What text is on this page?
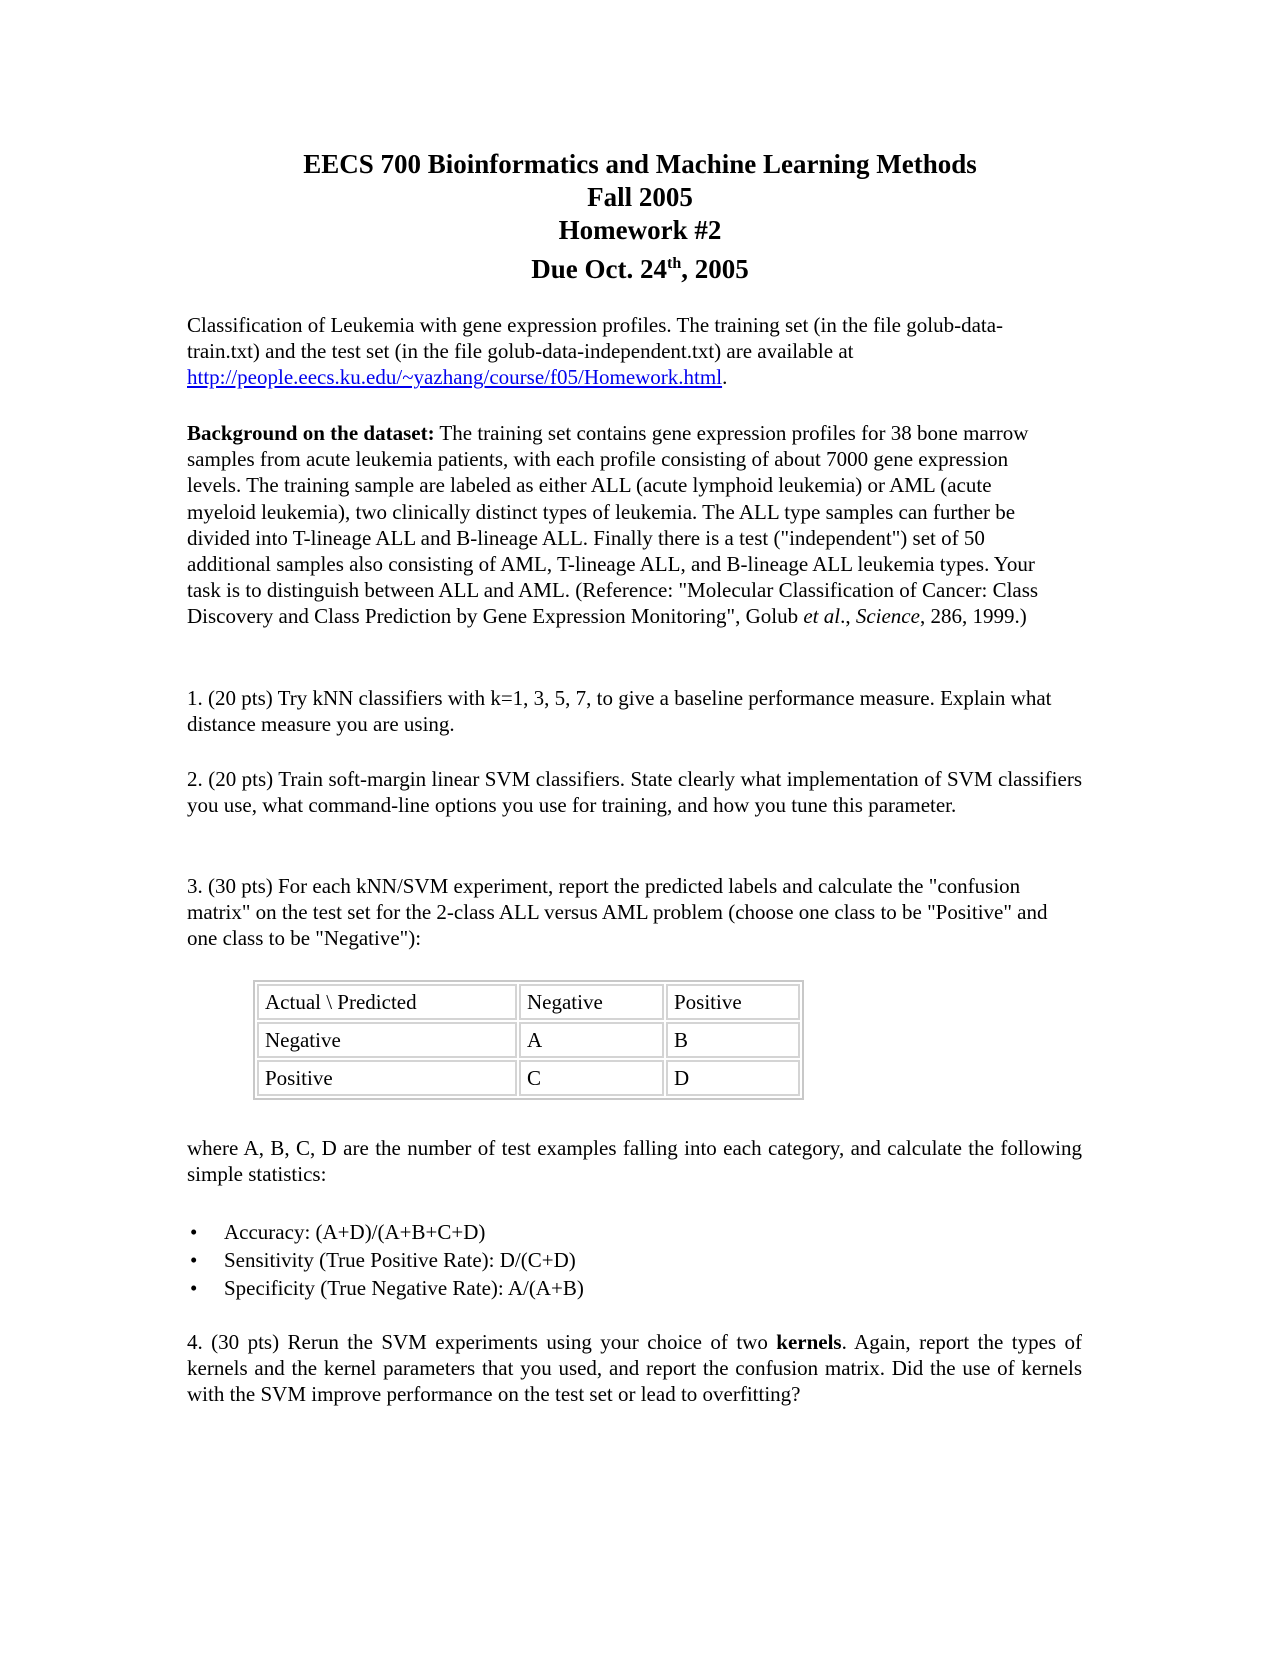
EECS 700 Bioinformatics and Machine Learning Methods
Fall 2005
Homework #2
Due Oct. 24th, 2005
Classification of Leukemia with gene expression profiles. The training set (in the file golub-data-train.txt) and the test set (in the file golub-data-independent.txt) are available at http://people.eecs.ku.edu/~yazhang/course/f05/Homework.html.
Background on the dataset: The training set contains gene expression profiles for 38 bone marrow samples from acute leukemia patients, with each profile consisting of about 7000 gene expression levels. The training sample are labeled as either ALL (acute lymphoid leukemia) or AML (acute myeloid leukemia), two clinically distinct types of leukemia. The ALL type samples can further be divided into T-lineage ALL and B-lineage ALL. Finally there is a test ("independent") set of 50 additional samples also consisting of AML, T-lineage ALL, and B-lineage ALL leukemia types. Your task is to distinguish between ALL and AML. (Reference: "Molecular Classification of Cancer: Class Discovery and Class Prediction by Gene Expression Monitoring", Golub et al., Science, 286, 1999.)
1. (20 pts) Try kNN classifiers with k=1, 3, 5, 7, to give a baseline performance measure. Explain what distance measure you are using.
2. (20 pts) Train soft-margin linear SVM classifiers. State clearly what implementation of SVM classifiers you use, what command-line options you use for training, and how you tune this parameter.
3. (30 pts) For each kNN/SVM experiment, report the predicted labels and calculate the "confusion matrix" on the test set for the 2-class ALL versus AML problem (choose one class to be "Positive" and one class to be "Negative"):
Actual \ Predicted	Negative	Positive
Negative	A	B
Positive	C	D
where A, B, C, D are the number of test examples falling into each category, and calculate the following simple statistics:
• Accuracy: (A+D)/(A+B+C+D)
• Sensitivity (True Positive Rate): D/(C+D)
• Specificity (True Negative Rate): A/(A+B)
4. (30 pts) Rerun the SVM experiments using your choice of two kernels. Again, report the types of kernels and the kernel parameters that you used, and report the confusion matrix. Did the use of kernels with the SVM improve performance on the test set or lead to overfitting?
